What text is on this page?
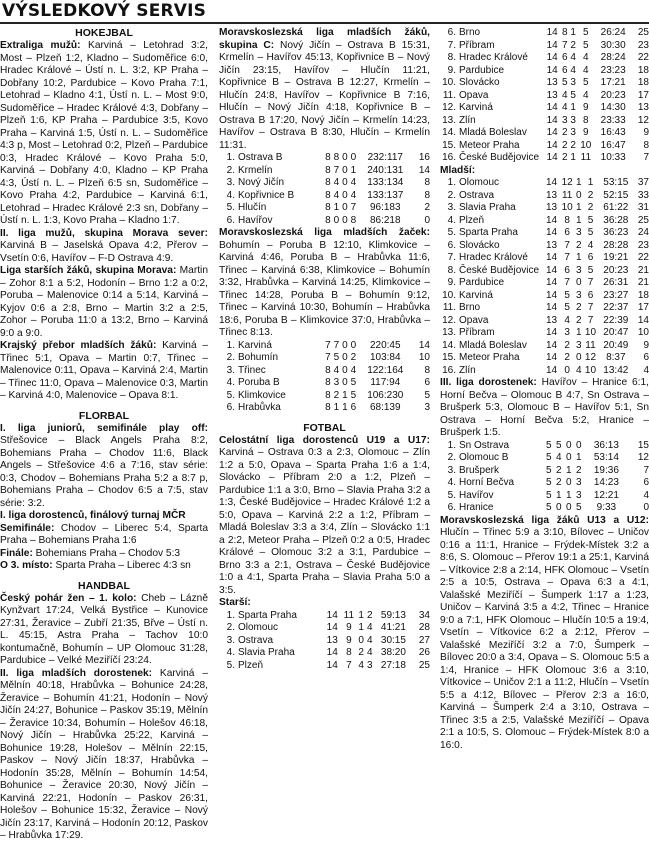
VÝSLEDKOVÝ SERVIS
HOKEJBAL

Extraliga mužů: Karviná – Letohrad 3:2, Most – Plzeň 1:2, Kladno – Sudoměřice 6:0, Hradec Králové – Ústí n. L. 3:2, KP Praha – Dobřany 10:2, Pardubice – Kovo Praha 7:1, Letohrad – Kladno 4:1, Ústí n. L. – Most 9:0, Sudoměřice – Hradec Králové 4:3, Dobřany – Plzeň 1:6, KP Praha – Pardubice 3:5, Kovo Praha – Karviná 1:5, Ústí n. L. – Sudoměřice 4:3 p, Most – Letohrad 0:2, Plzeň – Pardubice 0:3, Hradec Králové – Kovo Praha 5:0, Karviná – Dobřany 4:0, Kladno – KP Praha 4:3, Ústí n. L. – Plzeň 6:5 sn, Sudoměřice – Kovo Praha 4:2, Pardubice – Karviná 6:1, Letohrad – Hradec Králové 2:3 sn, Dobřany – Ústí n. L. 1:3, Kovo Praha – Kladno 1:7.

II. liga mužů, skupina Morava sever: Karviná B – Jaselská Opava 4:2, Přerov – Vsetín 0:6, Havířov – F-D Ostrava 4:9.

Liga starších žáků, skupina Morava: Martin – Zohor 8:1 a 5:2, Hodonín – Brno 1:2 a 0:2, Poruba – Malenovice 0:14 a 5:14, Karviná – Kyjov 0:6 a 2:8, Brno – Martin 3:2 a 2:5, Zohor – Poruba 11:0 a 13:2, Brno – Karviná 9:0 a 9:0.

Krajský přebor mladších žáků: Karviná – Třinec 5:1, Opava – Martin 0:7, Třinec – Malenovice 0:11, Opava – Karviná 2:4, Martin – Třinec 11:0, Opava – Malenovice 0:3, Martin – Karviná 4:0, Malenovice – Opava 8:1.

FLORBAL

I. liga juniorů, semifinále play off: Střešovice – Black Angels Praha 8:2, Bohemians Praha – Chodov 11:6, Black Angels – Střešovice 4:6 a 7:16, stav série: 0:3, Chodov – Bohemians Praha 5:2 a 8:7 p, Bohemians Praha – Chodov 6:5 a 7:5, stav série: 3:2.

I. liga dorostenců, finálový turnaj MČR

Semifinále: Chodov – Liberec 5:4, Sparta Praha – Bohemians Praha 1:6

Finále: Bohemians Praha – Chodov 5:3

O 3. místo: Sparta Praha – Liberec 4:3 sn

HANDBAL

Český pohár žen – 1. kolo: Cheb – Lázně Kynžvart 17:24, Velká Bystřice – Kunovice 27:31, Žeravice – Zubří 21:35, Břve – Ústí n. L. 45:15, Astra Praha – Tachov 10:0 kontumačně, Bohumín – UP Olomouc 31:28, Pardubice – Velké Meziříčí 23:24.

II. liga mladších dorostenek: Karviná – Mělnín 40:18, Hrabůvka – Bohunice 24:28, Žeravice – Bohumín 41:21, Hodonín – Nový Jičín 24:27, Bohunice – Paskov 35:19, Mělnín – Žeravice 10:34, Bohumín – Holešov 46:18, Nový Jičín – Hrabůvka 25:22, Karviná – Bohunice 19:28, Holešov – Mělnín 22:15, Paskov – Nový Jičín 18:37, Hrabůvka – Hodonín 35:28, Mělnín – Bohumín 14:54, Bohunice – Žeravice 20:30, Nový Jičín – Karviná 22:21, Hodonín – Paskov 26:31, Holešov – Bohunice 15:32, Žeravice – Nový Jičín 23:17, Karviná – Hodonín 20:12, Paskov – Hrabůvka 17:29.

Moravskoslezská liga mladších žáků, skupina C: Nový Jičín – Ostrava B 15:31, Krmelín – Havířov 45:13, Kopřivnice B – Nový Jičín 23:15, Havířov – Hlučín 11:21, Kopřivnice B – Ostrava B 12:27, Krmelín – Hlučín 24:8, Havířov – Kopřivnice B 7:16, Hlučín – Nový Jičín 4:18, Kopřivnice B – Ostrava B 17:20, Nový Jičín – Krmelín 14:23, Havířov – Ostrava B 8:30, Hlučín – Krmelín 11:31.

1.	Ostrava B	8	8	0	0	232:117	16
2.	Krmelín	8	7	0	1	240:131	14
3.	Nový Jičín	8	4	0	4	133:134	8
4.	Kopřivnice B	8	4	0	4	133:137	8
5.	Hlučín	8	1	0	7	96:183	2
6.	Havířov	8	0	0	8	86:218	0

Moravskoslezská liga mladších žaček: Bohumín – Poruba B 12:10, Klimkovice – Karviná 4:46, Poruba B – Hrabůvka 11:6, Třinec – Karviná 6:38, Klimkovice – Bohumín 3:32, Hrabůvka – Karviná 14:25, Klimkovice – Třinec 14:28, Poruba B – Bohumín 9:12, Třinec – Karviná 10:30, Bohumín – Hrabůvka 18:6, Poruba B – Klimkovice 37:0, Hrabůvka – Třinec 8:13.

1.	Karviná	7	7	0	0	220:45	14
2.	Bohumín	7	5	0	2	103:84	10
3.	Třinec	8	4	0	4	122:164	8
4.	Poruba B	8	3	0	5	117:94	6
5.	Klimkovice	8	2	1	5	106:230	5
6.	Hrabůvka	8	1	1	6	68:139	3
FOTBAL

Celostátní liga dorostenců U19 a U17: Karviná – Ostrava 0:3 a 2:3, Olomouc – Zlín 1:2 a 5:0, Opava – Sparta Praha 1:6 a 1:4, Slovácko – Příbram 2:0 a 1:2, Plzeň – Pardubice 1:1 a 3:0, Brno – Slavia Praha 3:2 a 1:3, České Budějovice – Hradec Králové 1:2 a 5:0, Opava – Karviná 2:2 a 1:2, Příbram – Mladá Boleslav 3:3 a 3:4, Zlín – Slovácko 1:1 a 2:2, Meteor Praha – Plzeň 0:2 a 0:5, Hradec Králové – Olomouc 3:2 a 3:1, Pardubice – Brno 3:3 a 2:1, Ostrava – České Budějovice 1:0 a 4:1, Sparta Praha – Slavia Praha 5:0 a 3:5.

Starší:
1.	Sparta Praha	14	11	1	2	59:13	34
2.	Olomouc	14	9	1	4	41:21	28
3.	Ostrava	13	9	0	4	30:15	27
4.	Slavia Praha	14	8	2	4	38:20	26
5.	Plzeň	14	7	4	3	27:18	25
6.	Brno	14	8	1	5	26:24	25
7.	Příbram	14	7	2	5	30:30	23
8.	Hradec Králové	14	6	4	4	28:24	22
9.	Pardubice	14	6	4	4	23:23	18
10.	Slovácko	13	5	3	5	17:21	18
11.	Opava	13	4	5	4	20:23	17
12.	Karviná	14	4	1	9	14:30	13
13.	Zlín	14	3	3	8	23:33	12
14.	Mladá Boleslav	14	2	3	9	16:43	9
15.	Meteor Praha	14	2	2	10	16:47	8
16.	České Budějovice	14	2	1	11	10:33	7
Mladší:
1.	Olomouc	14	12	1	1	53:15	37
2.	Ostrava	13	11	0	2	52:15	33
3.	Slavia Praha	13	10	1	2	61:22	31
4.	Plzeň	14	8	1	5	36:28	25
5.	Sparta Praha	14	6	3	5	36:23	24
6.	Slovácko	13	7	2	4	28:28	23
7.	Hradec Králové	14	7	1	6	19:21	22
8.	České Budějovice	14	6	3	5	20:23	21
9.	Pardubice	14	7	0	7	26:31	21
10.	Karviná	14	5	3	6	23:27	18
11.	Brno	14	5	2	7	22:37	17
12.	Opava	13	4	2	7	22:39	14
13.	Příbram	14	3	1	10	20:47	10
14.	Mladá Boleslav	14	2	3	11	20:49	9
15.	Meteor Praha	14	2	0	12	8:37	6
16.	Zlín	14	0	4	10	13:42	4

III. liga dorostenek: Havířov – Hranice 6:1, Horní Bečva – Olomouc B 4:7, Sn Ostrava – Brušperk 5:3, Olomouc B – Havířov 5:1, Sn Ostrava – Horní Bečva 5:2, Hranice – Brušperk 1:5.

1.	Sn Ostrava	5	5	0	0	36:13	15
2.	Olomouc B	5	4	0	1	53:14	12
3.	Brušperk	5	2	1	2	19:36	7
4.	Horní Bečva	5	2	0	3	14:23	6
5.	Havířov	5	1	1	3	12:21	4
6.	Hranice	5	0	0	5	9:33	0

Moravskoslezská liga žáků U13 a U12: Hlučín – Třinec 5:9 a 3:10, Bílovec – Uničov 0:16 a 11:1, Hranice – Frýdek-Místek 3:2 a 8:6, S. Olomouc – Přerov 19:1 a 25:1, Karviná – Vítkovice 2:8 a 2:14, HFK Olomouc – Vsetín 2:5 a 10:5, Ostrava – Opava 6:3 a 4:1, Valašské Meziříčí – Šumperk 1:17 a 1:23, Uničov – Karviná 3:5 a 4:2, Třinec – Hranice 9:0 a 7:1, HFK Olomouc – Hlučín 10:5 a 19:4, Vsetín – Vítkovice 6:2 a 2:12, Přerov – Valašské Meziříčí 3:2 a 7:0, Šumperk – Bílovec 20:0 a 3:4, Opava – S. Olomouc 5:5 a 1:4, Hranice – HFK Olomouc 3:6 a 3:10, Vítkovice – Uničov 2:1 a 11:2, Hlučín – Vsetín 5:5 a 4:12, Bílovec – Přerov 2:3 a 16:0, Karviná – Šumperk 2:4 a 3:10, Ostrava – Třinec 3:5 a 2:5, Valašské Meziříčí – Opava 2:1 a 10:5, S. Olomouc – Frýdek-Místek 8:0 a 16:0.
